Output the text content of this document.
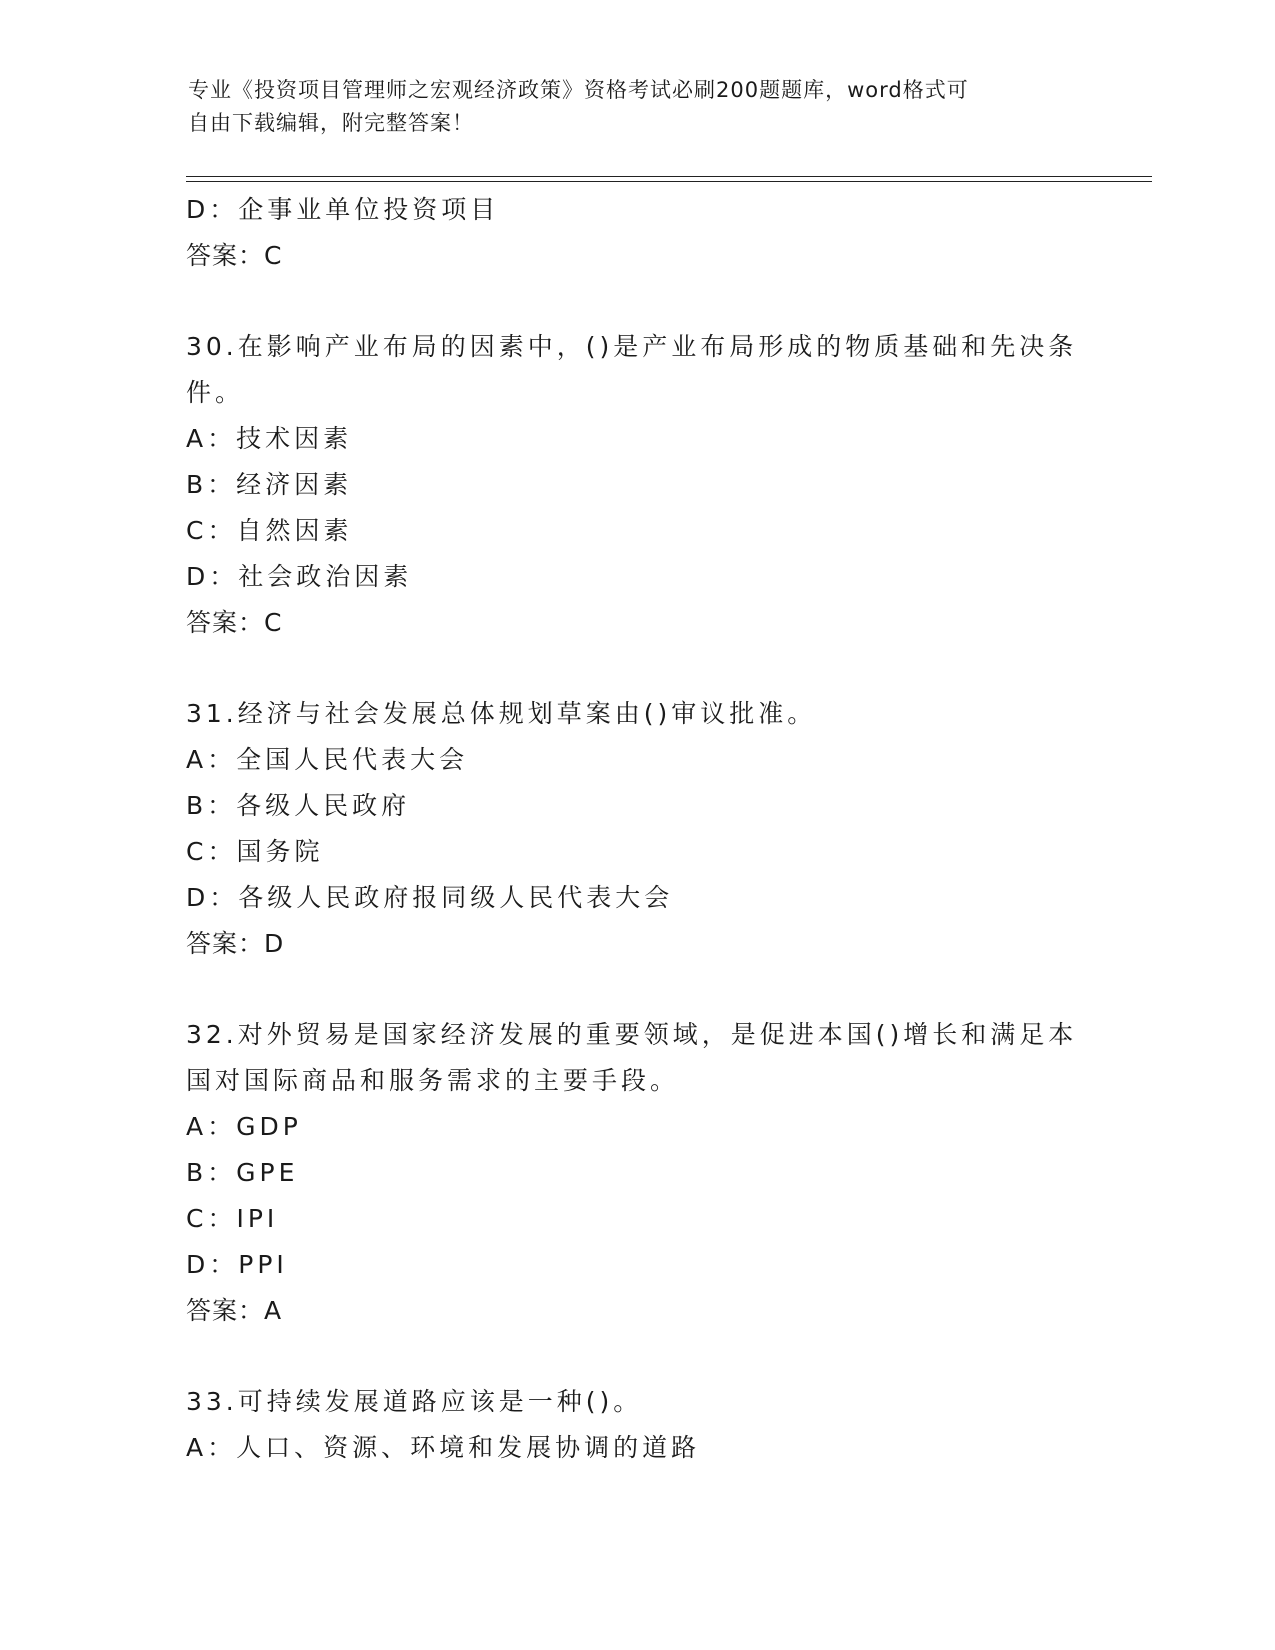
专业《投资项目管理师之宏观经济政策》资格考试必刷200题题库，word格式可
自由下载编辑，附完整答案！
D：企事业单位投资项目
答案：C
30.在影响产业布局的因素中，()是产业布局形成的物质基础和先决条
件。
A：技术因素
B：经济因素
C：自然因素
D：社会政治因素
答案：C
31.经济与社会发展总体规划草案由()审议批准。
A：全国人民代表大会
B：各级人民政府
C：国务院
D：各级人民政府报同级人民代表大会
答案：D
32.对外贸易是国家经济发展的重要领域，是促进本国()增长和满足本
国对国际商品和服务需求的主要手段。
A：GDP
B：GPE
C：IPI
D：PPI
答案：A
33.可持续发展道路应该是一种()。
A：人口、资源、环境和发展协调的道路
